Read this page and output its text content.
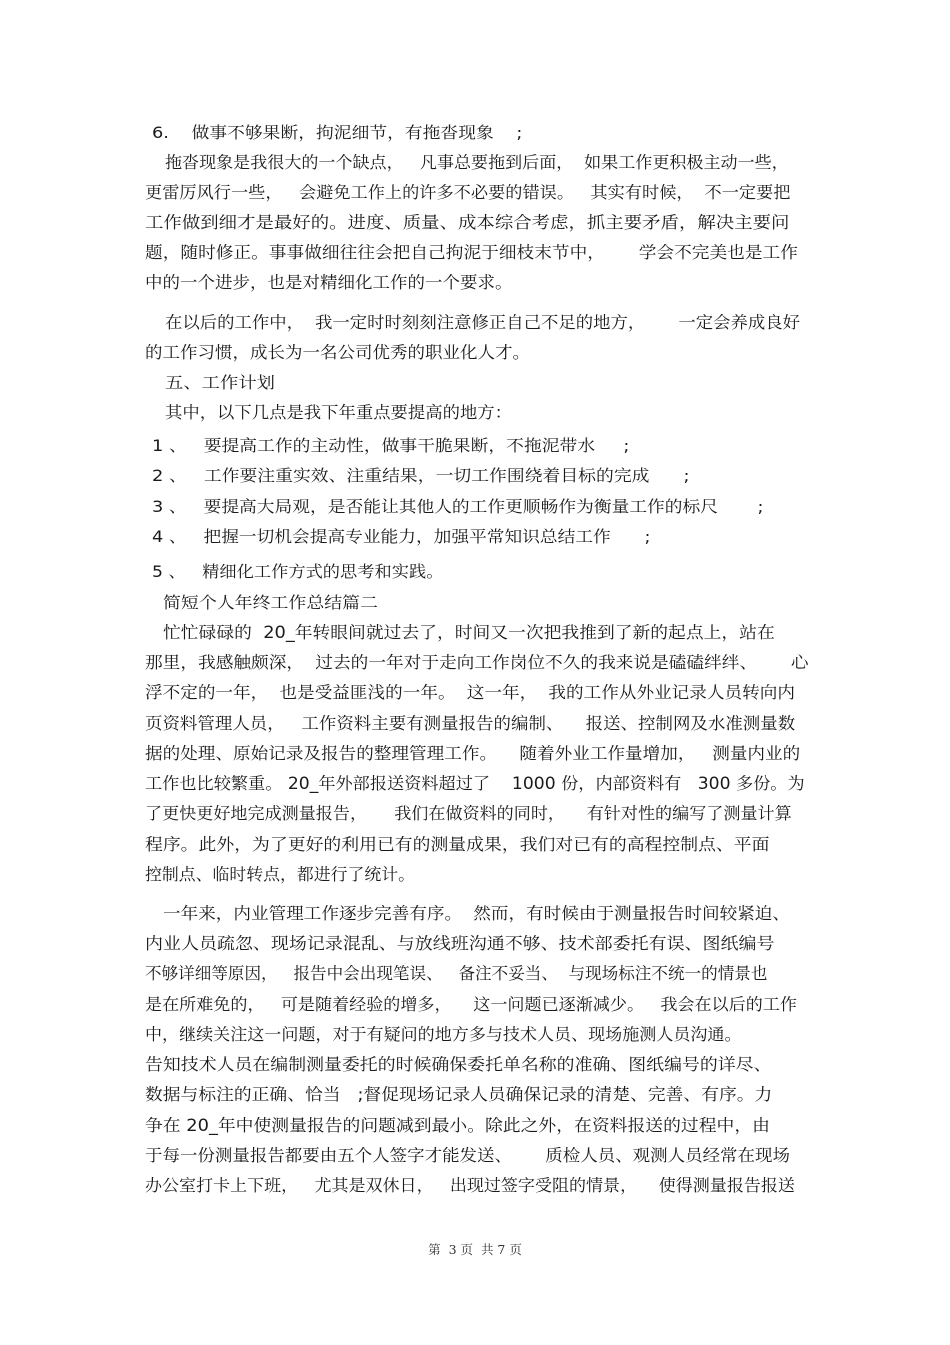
6.    做事不够果断，拘泥细节，有拖沓现象    ;
拖沓现象是我很大的一个缺点，   凡事总要拖到后面，  如果工作更积极主动一些，
更雷厉风行一些，   会避免工作上的许多不必要的错误。   其实有时候，  不一定要把
工作做到细才是最好的。进度、质量、成本综合考虑，抓主要矛盾，解决主要问
题，随时修正。事事做细往往会把自己拘泥于细枝末节中，      学会不完美也是工作
中的一个进步，也是对精细化工作的一个要求。
在以后的工作中，  我一定时时刻刻注意修正自己不足的地方，      一定会养成良好
的工作习惯，成长为一名公司优秀的职业化人才。
五、工作计划
其中，以下几点是我下年重点要提高的地方：
1 、   要提高工作的主动性，做事干脆果断，不拖泥带水     ;
2 、   工作要注重实效、注重结果，一切工作围绕着目标的完成      ;
3 、   要提高大局观，是否能让其他人的工作更顺畅作为衡量工作的标尺       ;
4 、   把握一切机会提高专业能力，加强平常知识总结工作      ;
5 、   精细化工作方式的思考和实践。
简短个人年终工作总结篇二
忙忙碌碌的  20_年转眼间就过去了，时间又一次把我推到了新的起点上，站在
那里，我感触颇深，  过去的一年对于走向工作岗位不久的我来说是磕磕绊绊、      心
浮不定的一年，  也是受益匪浅的一年。  这一年，  我的工作从外业记录人员转向内
页资料管理人员，   工作资料主要有测量报告的编制、    报送、控制网及水准测量数
据的处理、原始记录及报告的整理管理工作。    随着外业工作量增加，   测量内业的
工作也比较繁重。 20_年外部报送资料超过了    1000 份，内部资料有   300 多份。为
了更快更好地完成测量报告，     我们在做资料的同时，    有针对性的编写了测量计算
程序。此外，为了更好的利用已有的测量成果，我们对已有的高程控制点、平面
控制点、临时转点，都进行了统计。
一年来，内业管理工作逐步完善有序。  然而，有时候由于测量报告时间较紧迫、
内业人员疏忽、现场记录混乱、与放线班沟通不够、技术部委托有误、图纸编号
不够详细等原因，   报告中会出现笔误、   备注不妥当、  与现场标注不统一的情景也
是在所难免的，   可是随着经验的增多，    这一问题已逐渐减少。   我会在以后的工作
中，继续关注这一问题，对于有疑问的地方多与技术人员、现场施测人员沟通。
告知技术人员在编制测量委托的时候确保委托单名称的准确、图纸编号的详尽、
数据与标注的正确、恰当   ;督促现场记录人员确保记录的清楚、完善、有序。力
争在 20_年中使测量报告的问题减到最小。除此之外，在资料报送的过程中，由
于每一份测量报告都要由五个人签字才能发送、      质检人员、观测人员经常在现场
办公室打卡上下班，   尤其是双休日，   出现过签字受阻的情景，    使得测量报告报送
第  3 页  共 7 页
